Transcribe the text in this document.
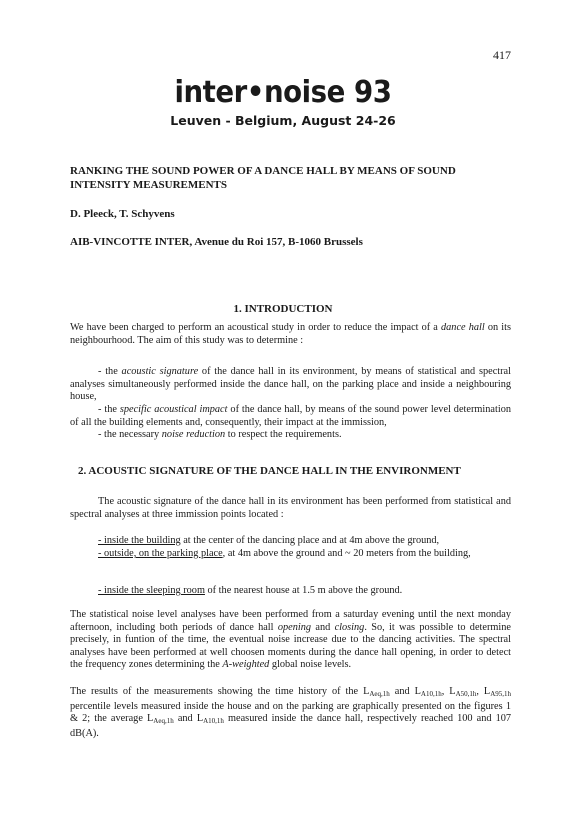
417
inter•noise 93
Leuven - Belgium, August 24-26
RANKING THE SOUND POWER OF A DANCE HALL BY MEANS OF SOUND INTENSITY MEASUREMENTS
D. Pleeck, T. Schyvens
AIB-VINCOTTE INTER, Avenue du Roi 157, B-1060 Brussels
1. INTRODUCTION

We have been charged to perform an acoustical study in order to reduce the impact of a dance hall on its neighbourhood. The aim of this study was to determine :

- the acoustic signature of the dance hall in its environment, by means of statistical and spectral analyses simultaneously performed inside the dance hall, on the parking place and inside a neighbouring house,

- the specific acoustical impact of the dance hall, by means of the sound power level determination of all the building elements and, consequently, their impact at the immission,

- the necessary noise reduction to respect the requirements.

2. ACOUSTIC SIGNATURE OF THE DANCE HALL IN THE ENVIRONMENT

The acoustic signature of the dance hall in its environment has been performed from statistical and spectral analyses at three immission points located :

- inside the building at the center of the dancing place and at 4m above the ground,

- outside, on the parking place, at 4m above the ground and ~ 20 meters from the building,

- inside the sleeping room of the nearest house at 1.5 m above the ground.

The statistical noise level analyses have been performed from a saturday evening until the next monday afternoon, including both periods of dance hall opening and closing. So, it was possible to determine precisely, in funtion of the time, the eventual noise increase due to the dancing activities. The spectral analyses have been performed at well choosen moments during the dance hall opening, in order to detect the frequency zones determining the A-weighted global noise levels.

The results of the measurements showing the time history of the $L_{Aeq,1h}$ and $L_{A10,1h}$, $L_{A50,1h}$, $L_{A95,1h}$ percentile levels measured inside the house and on the parking are graphically presented on the figures 1 & 2; the average $L_{Aeq,1h}$ and $L_{A10,1h}$ measured inside the dance hall, respectively reached 100 and 107 dB(A).
